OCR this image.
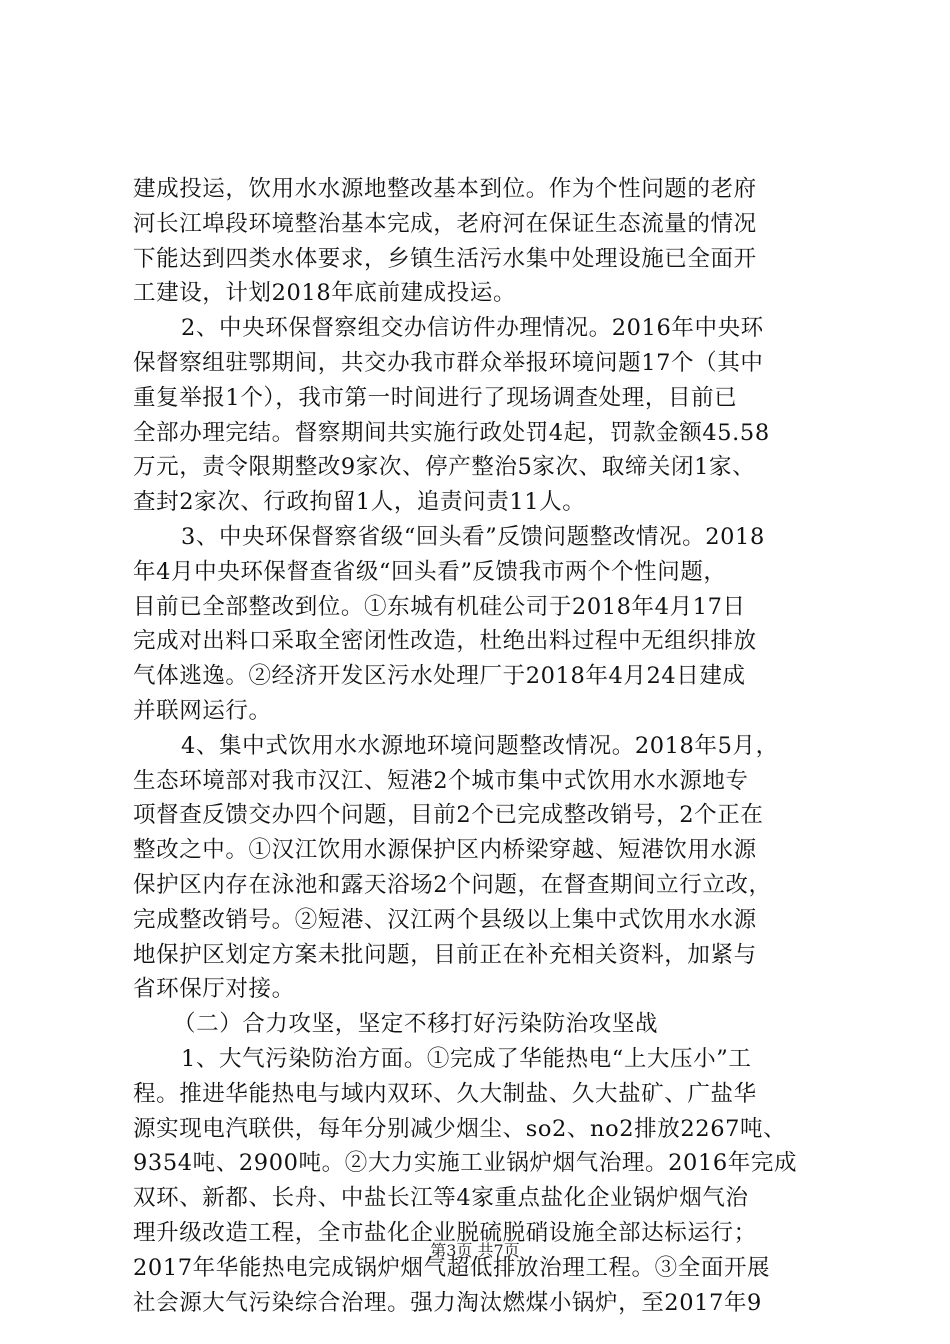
建成投运，饮用水水源地整改基本到位。作为个性问题的老府
河长江埠段环境整治基本完成，老府河在保证生态流量的情况
下能达到四类水体要求，乡镇生活污水集中处理设施已全面开
工建设，计划2018年底前建成投运。
2、中央环保督察组交办信访件办理情况。2016年中央环
保督察组驻鄂期间，共交办我市群众举报环境问题17个（其中
重复举报1个），我市第一时间进行了现场调查处理，目前已
全部办理完结。督察期间共实施行政处罚4起，罚款金额45.58
万元，责令限期整改9家次、停产整治5家次、取缔关闭1家、
查封2家次、行政拘留1人，追责问责11人。
3、中央环保督察省级“回头看”反馈问题整改情况。2018
年4月中央环保督查省级“回头看”反馈我市两个个性问题，
目前已全部整改到位。①东城有机硅公司于2018年4月17日
完成对出料口采取全密闭性改造，杜绝出料过程中无组织排放
气体逃逸。②经济开发区污水处理厂于2018年4月24日建成
并联网运行。
4、集中式饮用水水源地环境问题整改情况。2018年5月，
生态环境部对我市汉江、短港2个城市集中式饮用水水源地专
项督查反馈交办四个问题，目前2个已完成整改销号，2个正在
整改之中。①汉江饮用水源保护区内桥梁穿越、短港饮用水源
保护区内存在泳池和露天浴场2个问题，在督查期间立行立改，
完成整改销号。②短港、汉江两个县级以上集中式饮用水水源
地保护区划定方案未批问题，目前正在补充相关资料，加紧与
省环保厅对接。
（二）合力攻坚，坚定不移打好污染防治攻坚战
1、大气污染防治方面。①完成了华能热电“上大压小”工
程。推进华能热电与域内双环、久大制盐、久大盐矿、广盐华
源实现电汽联供，每年分别减少烟尘、so2、no2排放2267吨、
9354吨、2900吨。②大力实施工业锅炉烟气治理。2016年完成
双环、新都、长舟、中盐长江等4家重点盐化企业锅炉烟气治
理升级改造工程，全市盐化企业脱硫脱硝设施全部达标运行；
2017年华能热电完成锅炉烟气超低排放治理工程。③全面开展
社会源大气污染综合治理。强力淘汰燃煤小锅炉，至2017年9
第3页 共7页
